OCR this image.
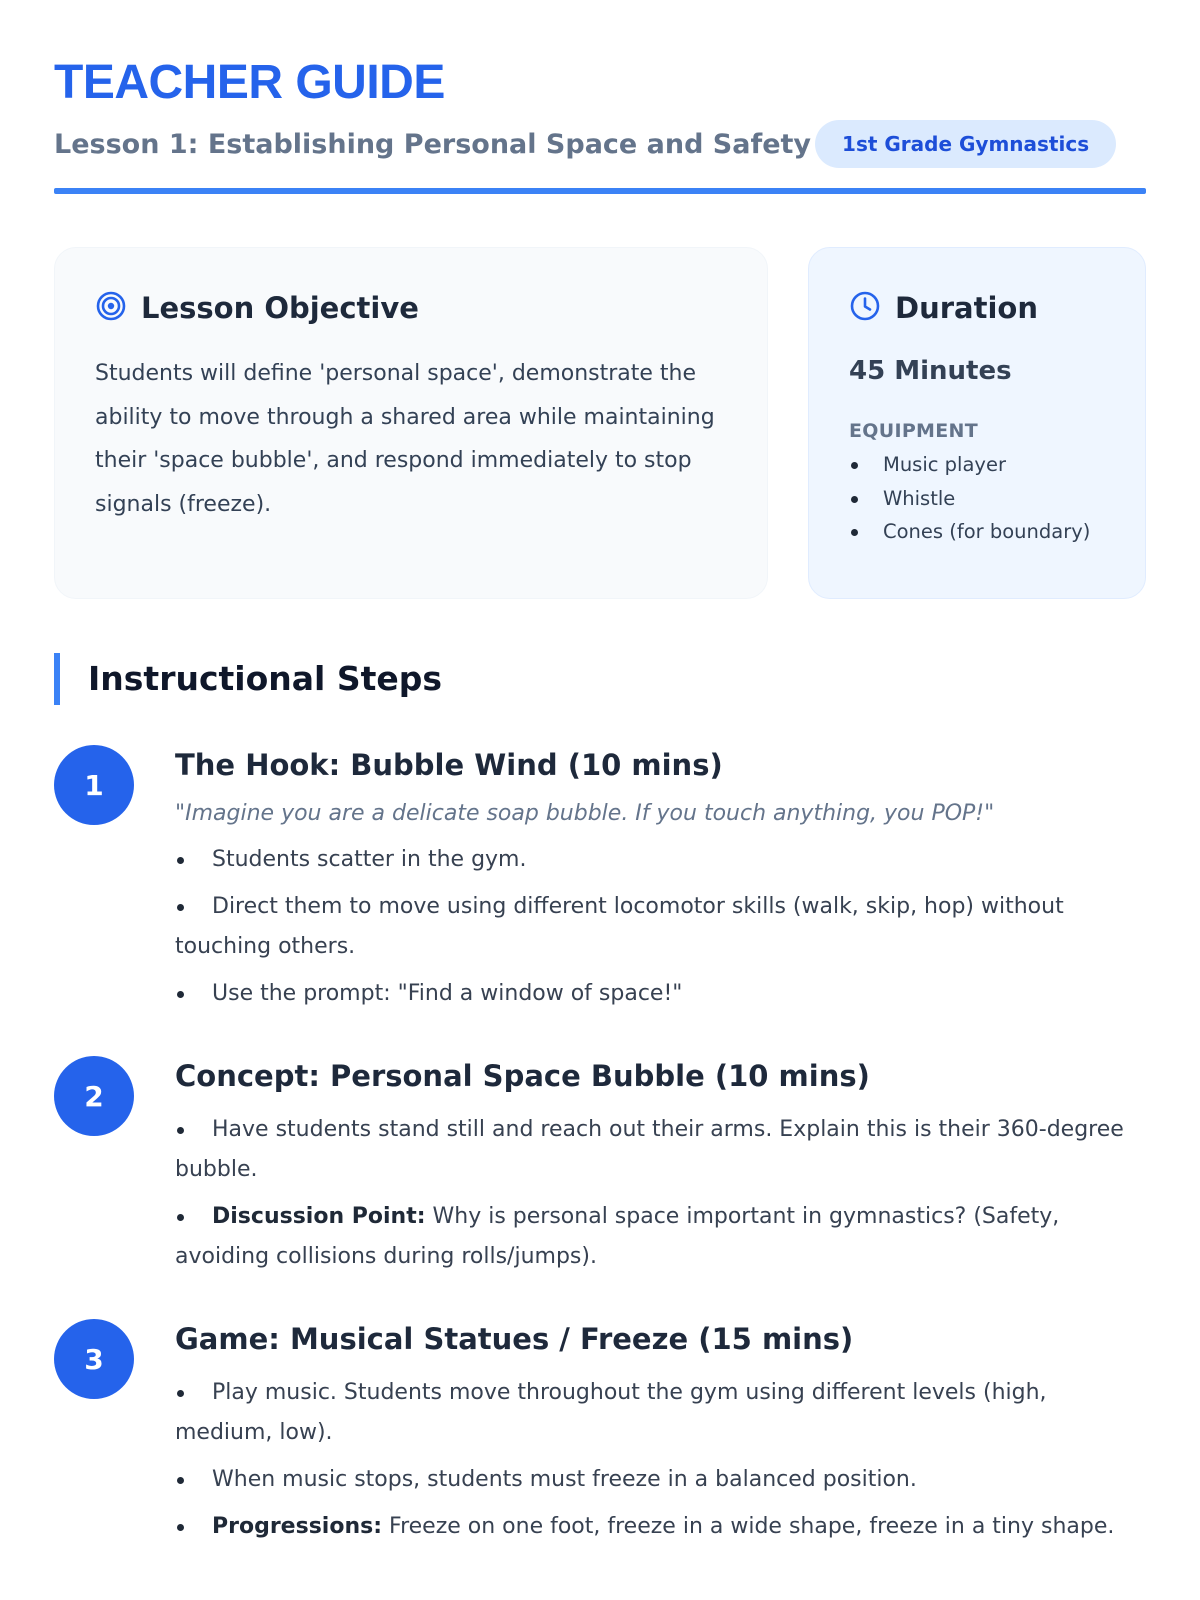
TEACHER GUIDE
Lesson 1: Establishing Personal Space and Safety	1st Grade Gymnastics
Lesson Objective

Students will define 'personal space', demonstrate the ability to move through a shared area while maintaining their 'space bubble', and respond immediately to stop signals (freeze).

Duration
45 Minutes
EQUIPMENT
Music player
Whistle
Cones (for boundary)
Instructional Steps
1
The Hook: Bubble Wind (10 mins)

"Imagine you are a delicate soap bubble. If you touch anything, you POP!"

Students scatter in the gym.
Direct them to move using different locomotor skills (walk, skip, hop) without touching others.
Use the prompt: "Find a window of space!"
2
Concept: Personal Space Bubble (10 mins)
Have students stand still and reach out their arms. Explain this is their 360-degree bubble.
Discussion Point: Why is personal space important in gymnastics? (Safety, avoiding collisions during rolls/jumps).
3
Game: Musical Statues / Freeze (15 mins)
Play music. Students move throughout the gym using different levels (high, medium, low).
When music stops, students must freeze in a balanced position.
Progressions: Freeze on one foot, freeze in a wide shape, freeze in a tiny shape.
